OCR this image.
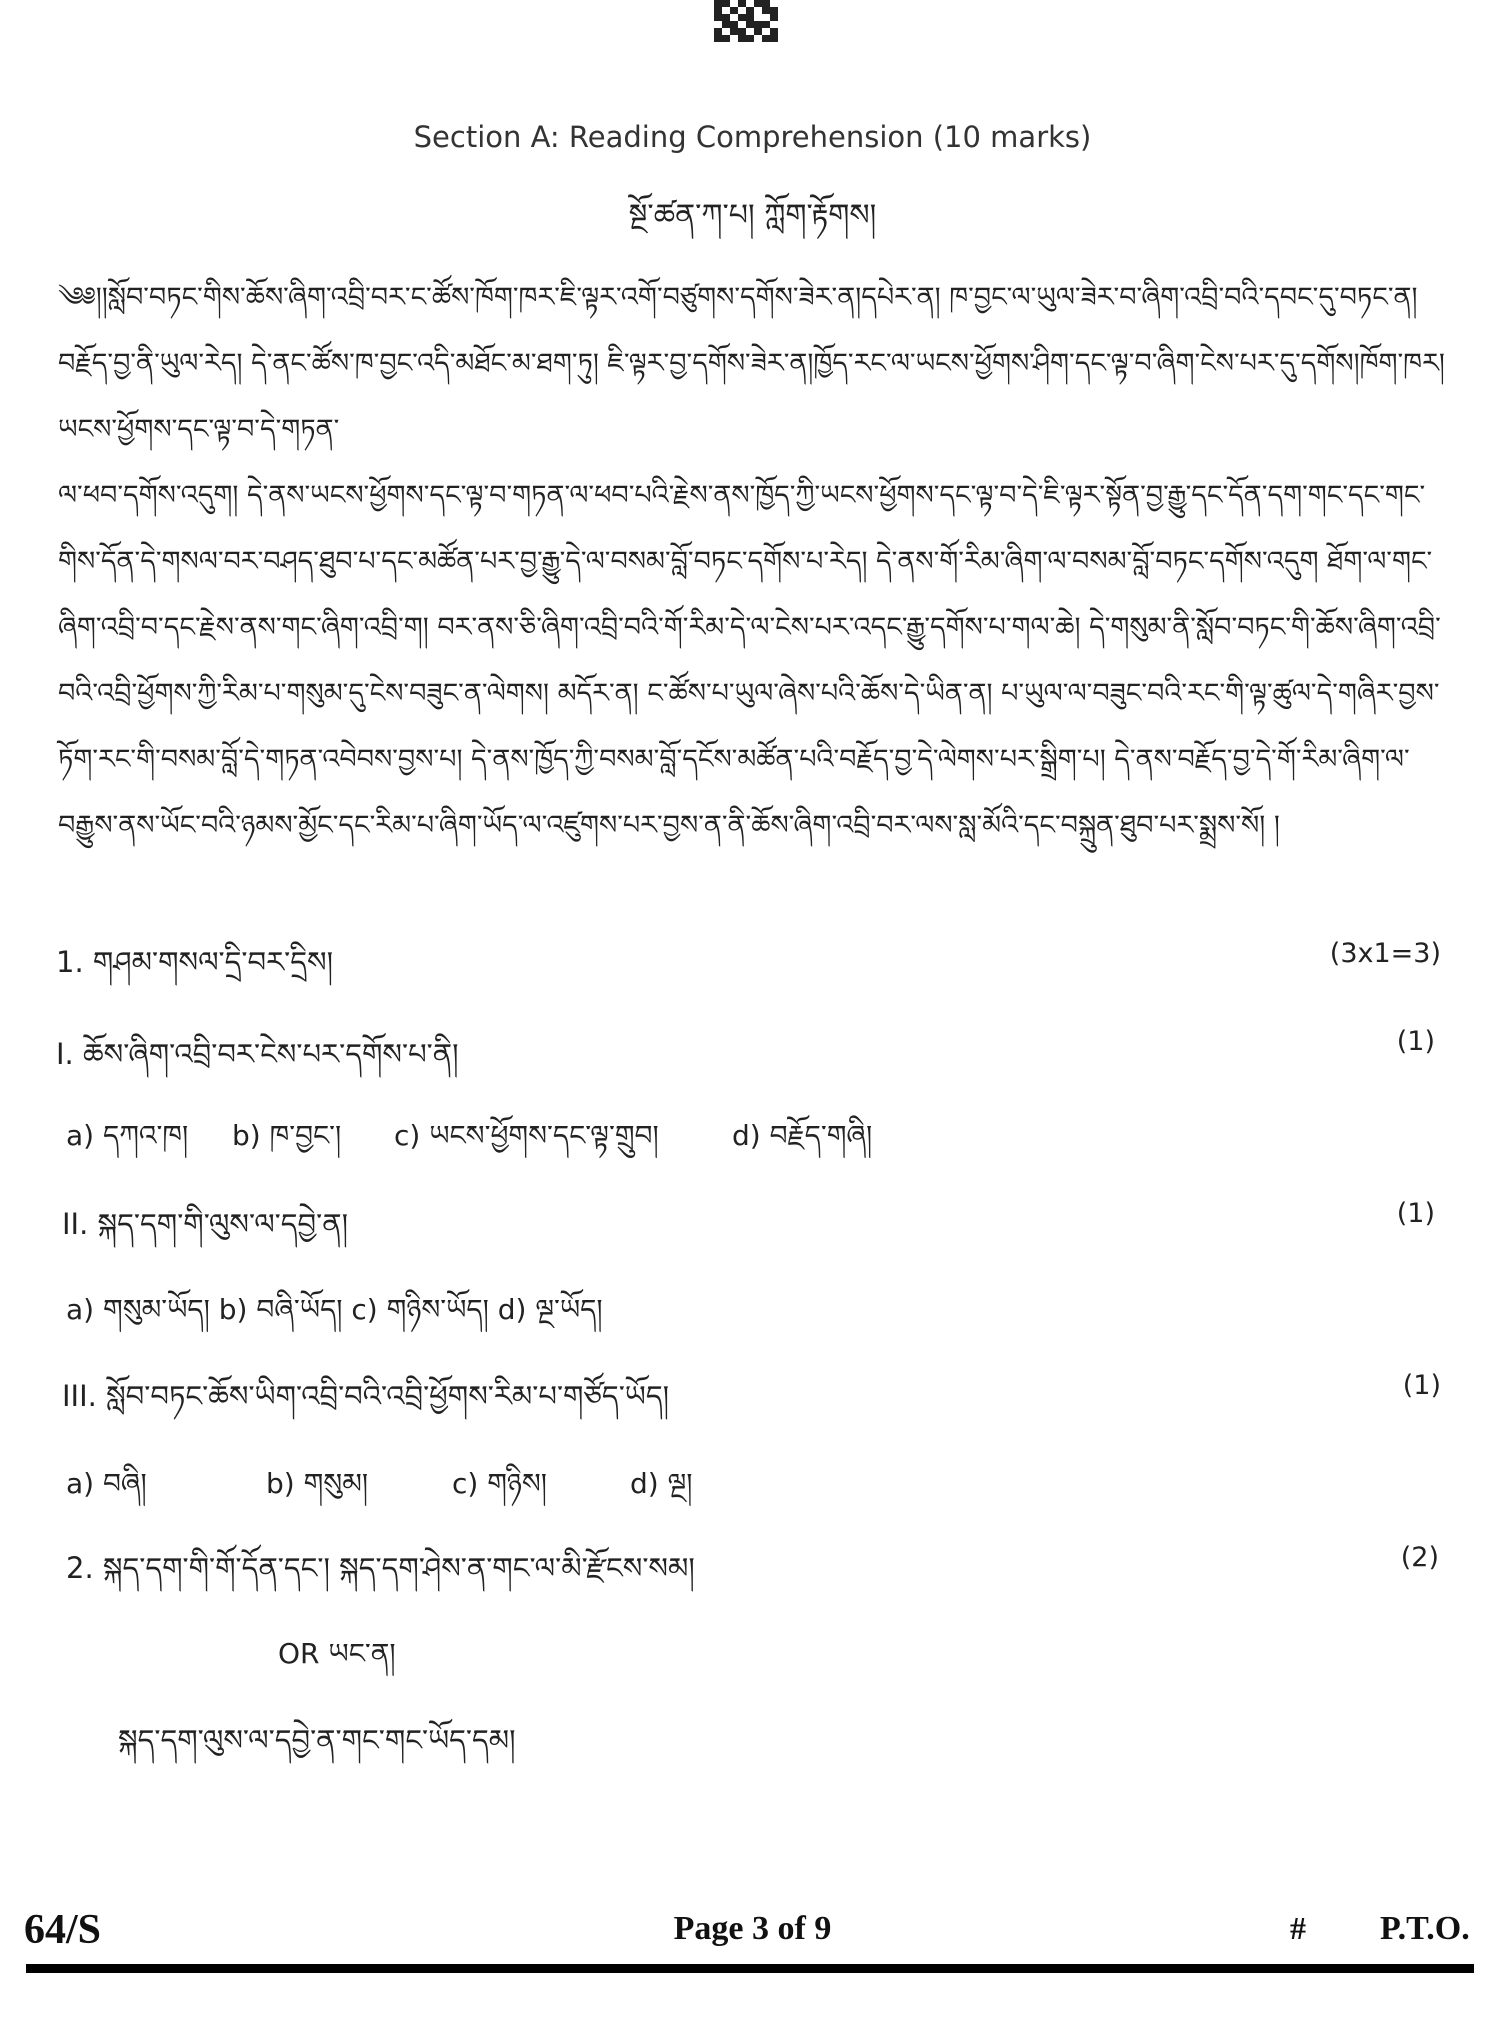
Section A: Reading Comprehension (10 marks)
སྔོ་ཚན་ཀ་པ། ཀློག་རྟོགས།

༄༅།།སློབ་བཏང་གིས་ཆོས་ཞིག་འབྲི་བར་ང་ཚོས་ཁོག་ཁར་ཇི་ལྟར་འགོ་བཙུགས་དགོས་ཟེར་ན།དཔེར་ན། ཁ་བྱང་ལ་ཡུལ་ཟེར་བ་ཞིག་འབྲི་བའི་དབང་དུ་བཏང་ན། བརྗོད་བྱ་ནི་ཡུལ་རེད། དེ་ནང་ཚོས་ཁ་བྱང་འདི་མཐོང་མ་ཐག་ཏུ། ཇི་ལྟར་བྱ་དགོས་ཟེར་ན།ཁྱོད་རང་ལ་ཡངས་ཕྱོགས་ཤིག་དང་ལྟ་བ་ཞིག་ངེས་པར་དུ་དགོས།ཁོག་ཁར། ཡངས་ཕྱོགས་དང་ལྟ་བ་དེ་གཏན་

ལ་ཕབ་དགོས་འདུག། དེ་ནས་ཡངས་ཕྱོགས་དང་ལྟ་བ་གཏན་ལ་ཕབ་པའི་རྗེས་ནས་ཁྱོད་ཀྱི་ཡངས་ཕྱོགས་དང་ལྟ་བ་དེ་ཇི་ལྟར་སྟོན་བྱ་རྒྱུ་དང་དོན་དག་གང་དང་གང་གིས་དོན་དེ་གསལ་བར་བཤད་ཐུབ་པ་དང་མཚོན་པར་བྱ་རྒྱུ་དེ་ལ་བསམ་བློ་བཏང་དགོས་པ་རེད། དེ་ནས་གོ་རིམ་ཞིག་ལ་བསམ་བློ་བཏང་དགོས་འདུག ཐོག་ལ་གང་ཞིག་འབྲི་བ་དང་རྗེས་ནས་གང་ཞིག་འབྲི་ག། བར་ནས་ཅི་ཞིག་འབྲི་བའི་གོ་རིམ་དེ་ལ་ངེས་པར་འདང་རྒྱུ་དགོས་པ་གལ་ཆེ། དེ་གསུམ་ནི་སློབ་བཏང་གི་ཆོས་ཞིག་འབྲི་བའི་འབྲི་ཕྱོགས་ཀྱི་རིམ་པ་གསུམ་དུ་ངེས་བཟུང་ན་ལེགས། མདོར་ན། ང་ཚོས་པ་ཡུལ་ཞེས་པའི་ཆོས་དེ་ཡིན་ན། པ་ཡུལ་ལ་བཟུང་བའི་རང་གི་ལྟ་ཚུལ་དེ་གཞིར་བྱས་ཏོག་རང་གི་བསམ་བློ་དེ་གཏན་འབེབས་བྱས་པ། དེ་ནས་ཁྱོད་ཀྱི་བསམ་བློ་དངོས་མཚོན་པའི་བརྗོད་བྱ་དེ་ལེགས་པར་སྒྲིག་པ། དེ་ནས་བརྗོད་བྱ་དེ་གོ་རིམ་ཞིག་ལ་བརྒྱུས་ནས་ཡོང་བའི་ཉམས་མྱོང་དང་རིམ་པ་ཞིག་ཡོད་ལ་འཛུགས་པར་བྱས་ན་ནི་ཆོས་ཞིག་འབྲི་བར་ལས་སླ་མོའི་དང་བསྐྲུན་ཐུབ་པར་སྨྲས་སོ། །

1. གཤམ་གསལ་དྲི་བར་དྲིས།	(3x1=3)
I. ཆོས་ཞིག་འབྲི་བར་ངེས་པར་དགོས་པ་ནི།	(1)
a) དཀའ་ཁ། b) ཁ་བྱང་། c) ཡངས་ཕྱོགས་དང་ལྟ་གྲུབ།	d) བརྗོད་གཞི།
II. སྐད་དག་གི་ལུས་ལ་དབྱེ་ན།	(1)
a) གསུམ་ཡོད། b) བཞི་ཡོད། c) གཉིས་ཡོད། d) ལྔ་ཡོད།
III. སློབ་བཏང་ཆོས་ཡིག་འབྲི་བའི་འབྲི་ཕྱོགས་རིམ་པ་གཙོད་ཡོད།	(1)
a) བཞི།	b) གསུམ།	c) གཉིས།	d) ལྔ།
2. སྐད་དག་གི་གོ་དོན་དང་། སྐད་དག་ཤེས་ན་གང་ལ་མི་རྫོངས་སམ།	(2)
OR ཡང་ན།
སྐད་དག་ལུས་ལ་དབྱེ་ན་གང་གང་ཡོད་དམ།
64/S	Page 3 of 9	# P.T.O.
